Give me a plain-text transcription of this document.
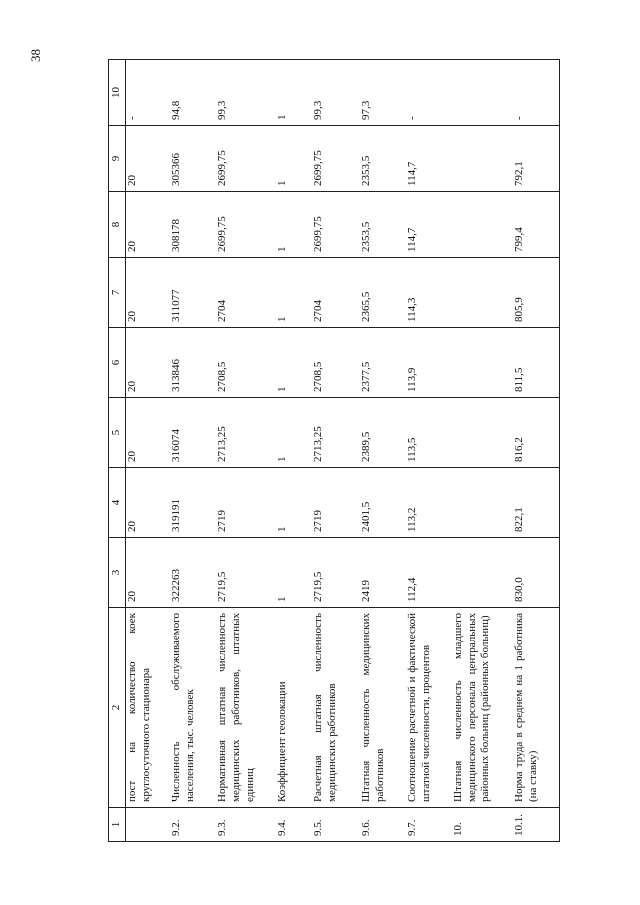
38
1	2	3	4	5	6	7	8	9	10
	пост на количество коек круглосуточного стационара	20	20	20	20	20	20	20	-
9.2.	Численность обслуживаемого населения, тыс. человек	322263	319191	316074	313846	311077	308178	305366	94,8
9.3.	Нормативная штатная численность медицинских работников, штатных единиц	2719,5	2719	2713,25	2708,5	2704	2699,75	2699,75	99,3
9.4.	Коэффициент геолокации	1	1	1	1	1	1	1	1
9.5.	Расчетная штатная численность медицинских работников	2719,5	2719	2713,25	2708,5	2704	2699,75	2699,75	99,3
9.6.	Штатная численность медицинских работников	2419	2401,5	2389,5	2377,5	2365,5	2353,5	2353,5	97,3
9.7.	Соотношение расчетной и фактической штатной численности, процентов	112,4	113,2	113,5	113,9	114,3	114,7	114,7	-
10.	Штатная численность младшего медицинского персонала центральных районных больниц (районных больниц)								
10.1.	Норма труда в среднем на 1 работника (на ставку)	830,0	822,1	816,2	811,5	805,9	799,4	792,1	-
